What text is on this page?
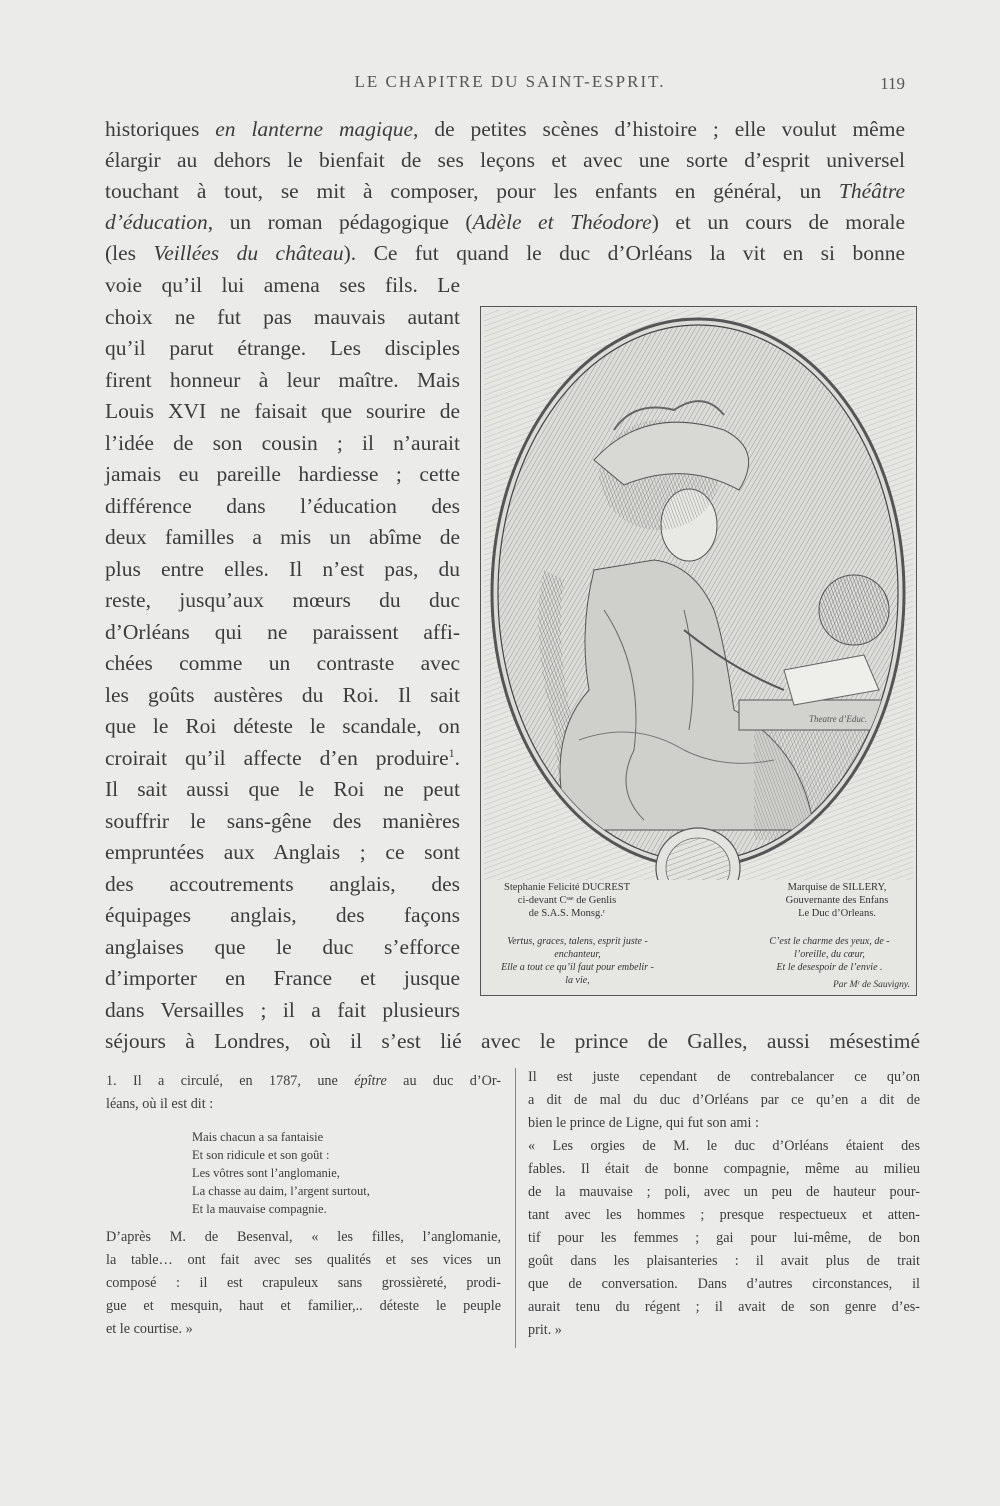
LE CHAPITRE DU SAINT-ESPRIT.	119
historiques en lanterne magique, de petites scènes d’histoire ; elle voulut même
élargir au dehors le bienfait de ses leçons et avec une sorte d’esprit universel
touchant à tout, se mit à composer, pour les enfants en général, un Théâtre
d’éducation, un roman pédagogique (Adèle et Théodore) et un cours de morale
(les Veillées du château). Ce fut quand le duc d’Orléans la vit en si bonne
voie qu’il lui amena ses fils. Le
choix ne fut pas mauvais autant
qu’il parut étrange. Les disciples
firent honneur à leur maître. Mais
Louis XVI ne faisait que sourire de
l’idée de son cousin ; il n’aurait
jamais eu pareille hardiesse ; cette
différence dans l’éducation des
deux familles a mis un abîme de
plus entre elles. Il n’est pas, du
reste, jusqu’aux mœurs du duc
d’Orléans qui ne paraissent affi-
chées comme un contraste avec
les goûts austères du Roi. Il sait
que le Roi déteste le scandale, on
croirait qu’il affecte d’en produire$^1$.
Il sait aussi que le Roi ne peut
souffrir le sans-gêne des manières
empruntées aux Anglais ; ce sont
des accoutrements anglais, des
équipages anglais, des façons
anglaises que le duc s’efforce
d’importer en France et jusque
dans Versailles ; il a fait plusieurs
séjours à Londres, où il s’est lié avec le prince de Galles, aussi mésestimé
Theatre d’Educ.
Stephanie Felicité DUCREST
ci-devant Cˢˢᵉ de Genlis
de S.A.S. Monsg.ʳ
Marquise de SILLERY,
Gouvernante des Enfans
Le Duc d’Orleans.
Vertus, graces, talens, esprit juste -
enchanteur,
Elle a tout ce qu’il faut pour embelir -
la vie,
C’est le charme des yeux, de -
l’oreille, du cœur,
Et le desespoir de l’envie .
Par Mʳ de Sauvigny.
1. Il a circulé, en 1787, une épître au duc d’Or-
léans, où il est dit :
Mais chacun a sa fantaisie
Et son ridicule et son goût :
Les vôtres sont l’anglomanie,
La chasse au daim, l’argent surtout,
Et la mauvaise compagnie.
D’après M. de Besenval, « les filles, l’anglomanie,
la table… ont fait avec ses qualités et ses vices un
composé : il est crapuleux sans grossièreté, prodi-
gue et mesquin, haut et familier,.. déteste le peuple
et le courtise. »
Il est juste cependant de contrebalancer ce qu’on
a dit de mal du duc d’Orléans par ce qu’en a dit de
bien le prince de Ligne, qui fut son ami :
« Les orgies de M. le duc d’Orléans étaient des
fables. Il était de bonne compagnie, même au milieu
de la mauvaise ; poli, avec un peu de hauteur pour-
tant avec les hommes ; presque respectueux et atten-
tif pour les femmes ; gai pour lui-même, de bon
goût dans les plaisanteries : il avait plus de trait
que de conversation. Dans d’autres circonstances, il
aurait tenu du régent ; il avait de son genre d’es-
prit. »
